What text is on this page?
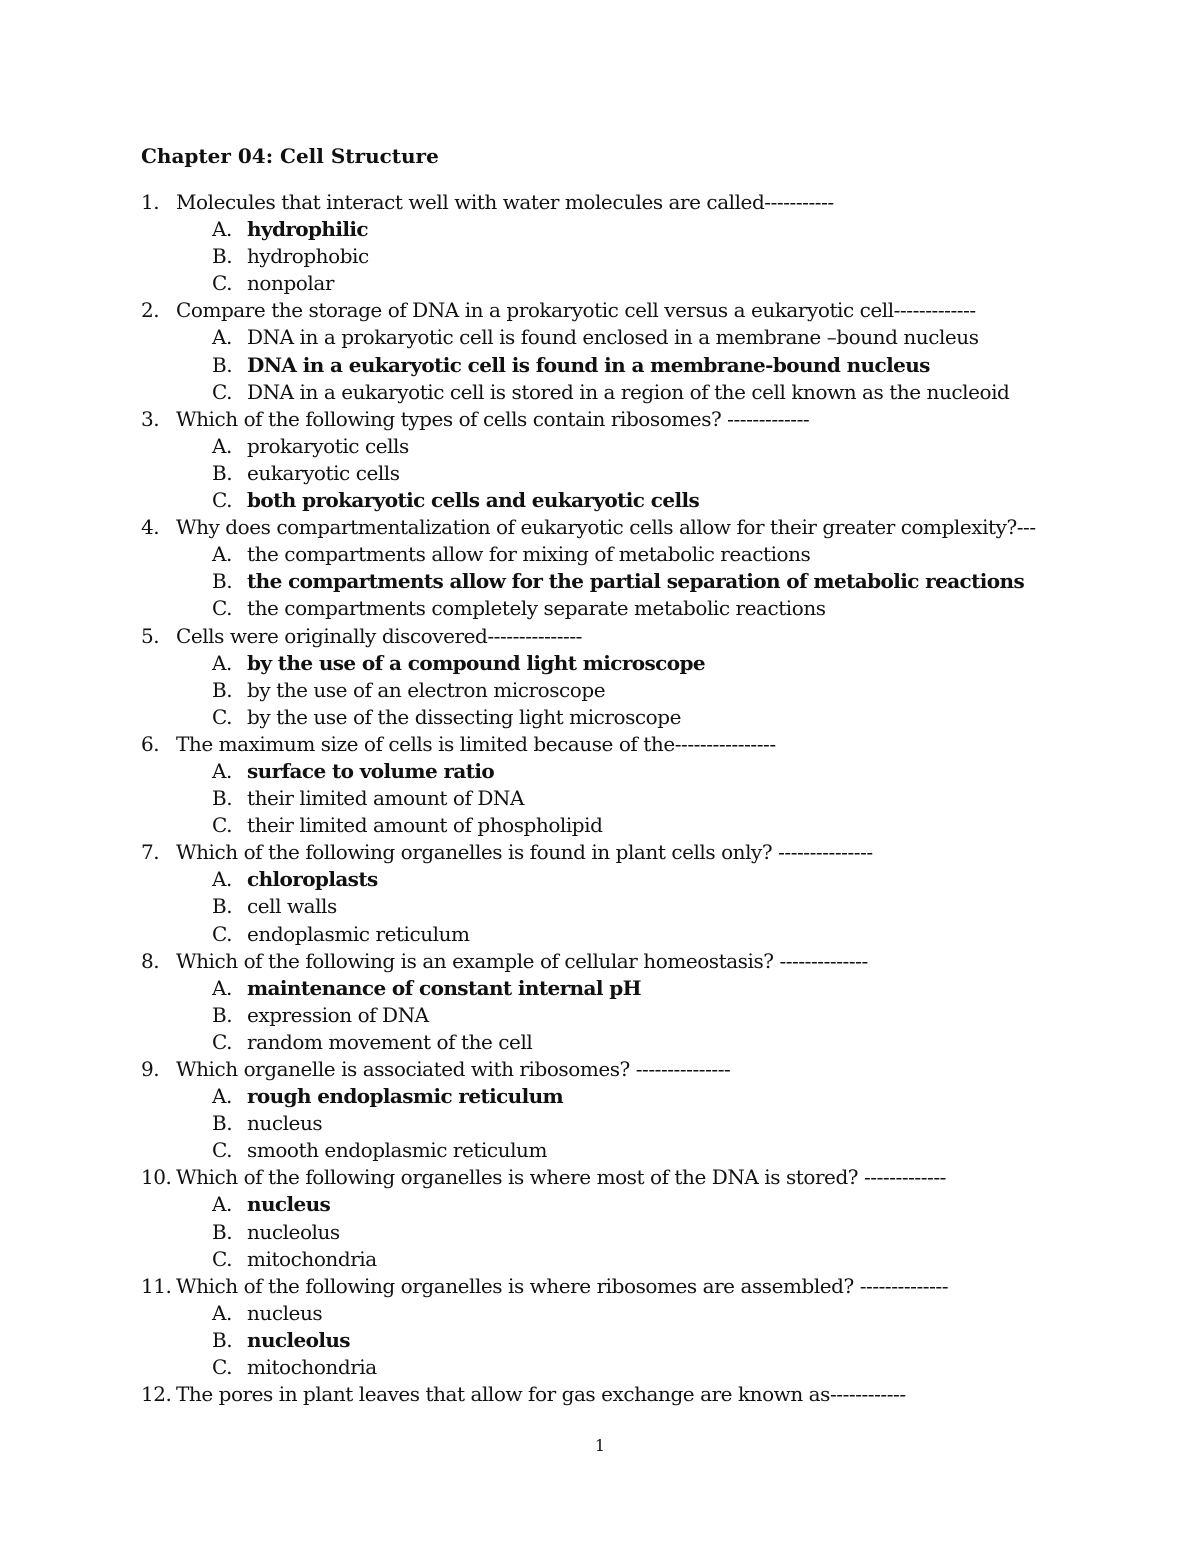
Chapter 04: Cell Structure
1. Molecules that interact well with water molecules are called-----------
A. hydrophilic
B. hydrophobic
C. nonpolar
2. Compare the storage of DNA in a prokaryotic cell versus a eukaryotic cell-------------
A. DNA in a prokaryotic cell is found enclosed in a membrane –bound nucleus
B. DNA in a eukaryotic cell is found in a membrane-bound nucleus
C. DNA in a eukaryotic cell is stored in a region of the cell known as the nucleoid
3. Which of the following types of cells contain ribosomes? -------------
A. prokaryotic cells
B. eukaryotic cells
C. both prokaryotic cells and eukaryotic cells
4. Why does compartmentalization of eukaryotic cells allow for their greater complexity?---
A. the compartments allow for mixing of metabolic reactions
B. the compartments allow for the partial separation of metabolic reactions
C. the compartments completely separate metabolic reactions
5. Cells were originally discovered---------------
A. by the use of a compound light microscope
B. by the use of an electron microscope
C. by the use of the dissecting light microscope
6. The maximum size of cells is limited because of the----------------
A. surface to volume ratio
B. their limited amount of DNA
C. their limited amount of phospholipid
7. Which of the following organelles is found in plant cells only? ---------------
A. chloroplasts
B. cell walls
C. endoplasmic reticulum
8. Which of the following is an example of cellular homeostasis? --------------
A. maintenance of constant internal pH
B. expression of DNA
C. random movement of the cell
9. Which organelle is associated with ribosomes? ---------------
A. rough endoplasmic reticulum
B. nucleus
C. smooth endoplasmic reticulum
10. Which of the following organelles is where most of the DNA is stored? -------------
A. nucleus
B. nucleolus
C. mitochondria
11. Which of the following organelles is where ribosomes are assembled? --------------
A. nucleus
B. nucleolus
C. mitochondria
12. The pores in plant leaves that allow for gas exchange are known as------------
1
